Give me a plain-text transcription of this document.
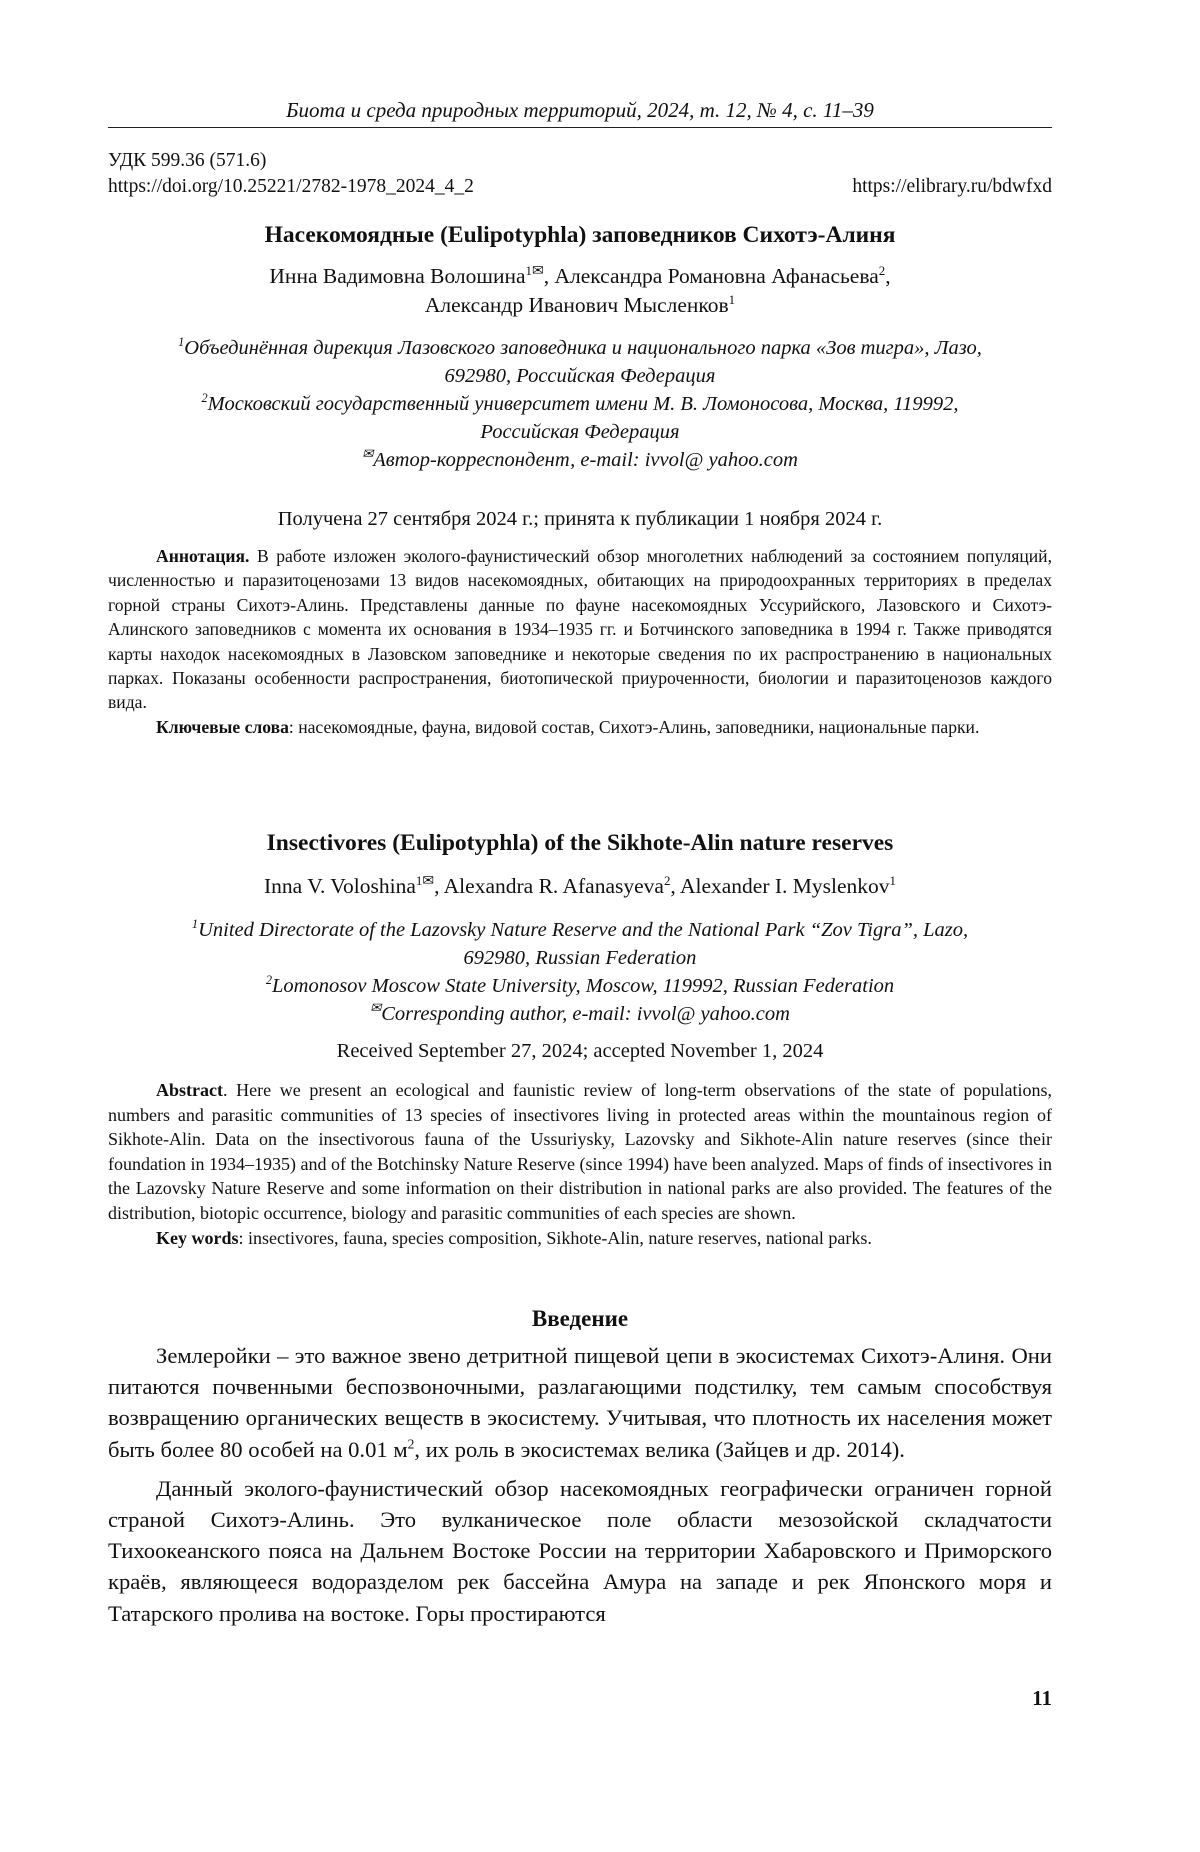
Биота и среда природных территорий, 2024, т. 12, № 4, с. 11–39
УДК 599.36 (571.6)
https://doi.org/10.25221/2782-1978_2024_4_2	https://elibrary.ru/bdwfxd
Насекомоядные (Eulipotyphla) заповедников Сихотэ-Алиня
Инна Вадимовна Волошина$^{1✉}$, Александра Романовна Афанасьева$^2$,
Александр Иванович Мысленков$^1$
$^1$Объединённая дирекция Лазовского заповедника и национального парка «Зов тигра», Лазо,
692980, Российская Федерация
$^2$Московский государственный университет имени М. В. Ломоносова, Москва, 119992,
Российская Федерация
✉Автор-корреспондент, e-mail: ivvol@ yahoo.com
Получена 27 сентября 2024 г.; принята к публикации 1 ноября 2024 г.

Аннотация. В работе изложен эколого-фаунистический обзор многолетних наблюдений за состоянием популяций, численностью и паразитоценозами 13 видов насекомоядных, обитающих на природоохранных территориях в пределах горной страны Сихотэ-Алинь. Представлены данные по фауне насекомоядных Уссурийского, Лазовского и Сихотэ-Алинского заповедников с момента их основания в 1934–1935 гг. и Ботчинского заповедника в 1994 г. Также приводятся карты находок насекомоядных в Лазовском заповеднике и некоторые сведения по их распространению в национальных парках. Показаны особенности распространения, биотопической приуроченности, биологии и паразитоценозов каждого вида.

Ключевые слова: насекомоядные, фауна, видовой состав, Сихотэ-Алинь, заповедники, национальные парки.

Insectivores (Eulipotyphla) of the Sikhote-Alin nature reserves
Inna V. Voloshina$^{1✉}$, Alexandra R. Afanasyeva$^2$, Alexander I. Myslenkov$^1$
$^1$United Directorate of the Lazovsky Nature Reserve and the National Park “Zov Tigra”, Lazo,
692980, Russian Federation
$^2$Lomonosov Moscow State University, Moscow, 119992, Russian Federation
✉Corresponding author, e-mail: ivvol@ yahoo.com
Received September 27, 2024; accepted November 1, 2024

Abstract. Here we present an ecological and faunistic review of long-term observations of the state of populations, numbers and parasitic communities of 13 species of insectivores living in protected areas within the mountainous region of Sikhote-Alin. Data on the insectivorous fauna of the Ussuriysky, Lazovsky and Sikhote-Alin nature reserves (since their foundation in 1934–1935) and of the Botchinsky Nature Reserve (since 1994) have been analyzed. Maps of finds of insectivores in the Lazovsky Nature Reserve and some information on their distribution in national parks are also provided. The features of the distribution, biotopic occurrence, biology and parasitic communities of each species are shown.

Key words: insectivores, fauna, species composition, Sikhote-Alin, nature reserves, national parks.

Введение

Землеройки – это важное звено детритной пищевой цепи в экосистемах Сихотэ-Алиня. Они питаются почвенными беспозвоночными, разлагающими подстилку, тем самым способствуя возвращению органических веществ в экосистему. Учитывая, что плотность их населения может быть более 80 особей на 0.01 $м^2$, их роль в экосистемах велика (Зайцев и др. 2014).

Данный эколого-фаунистический обзор насекомоядных географически ограничен горной страной Сихотэ-Алинь. Это вулканическое поле области мезозойской складчатости Тихоокеанского пояса на Дальнем Востоке России на территории Хабаровского и Приморского краёв, являющееся водоразделом рек бассейна Амура на западе и рек Японского моря и Татарского пролива на востоке. Горы простираются

11
